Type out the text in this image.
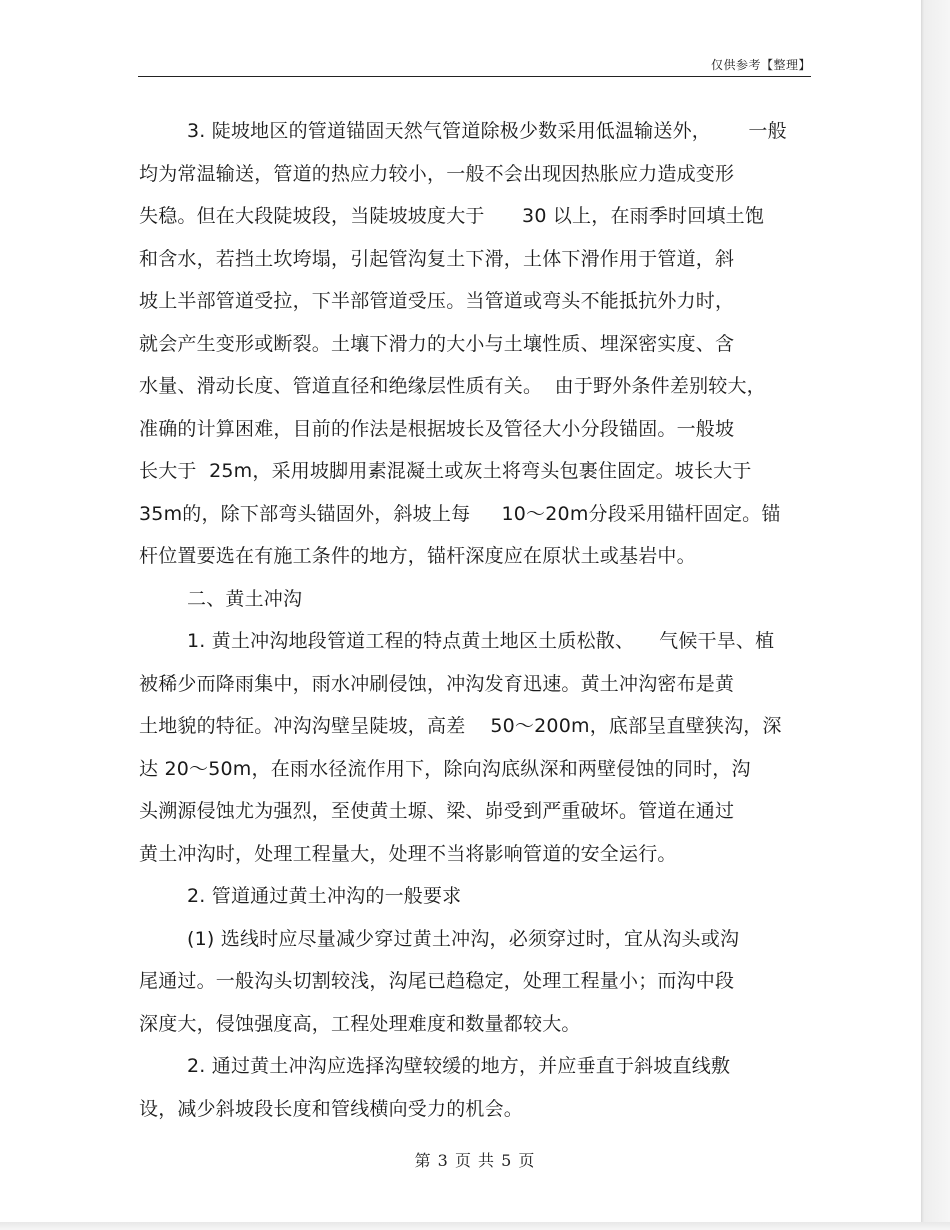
仅供参考【整理】
3. 陡坡地区的管道锚固天然气管道除极少数采用低温输送外，      一般
均为常温输送，管道的热应力较小，一般不会出现因热胀应力造成变形
失稳。但在大段陡坡段，当陡坡坡度大于      30 以上，在雨季时回填土饱
和含水，若挡土坎垮塌，引起管沟复土下滑，土体下滑作用于管道，斜
坡上半部管道受拉，下半部管道受压。当管道或弯头不能抵抗外力时，
就会产生变形或断裂。土壤下滑力的大小与土壤性质、埋深密实度、含
水量、滑动长度、管道直径和绝缘层性质有关。  由于野外条件差别较大，
准确的计算困难，目前的作法是根据坡长及管径大小分段锚固。一般坡
长大于  25m，采用坡脚用素混凝土或灰土将弯头包裹住固定。坡长大于
35m的，除下部弯头锚固外，斜坡上每     10～20m分段采用锚杆固定。锚
杆位置要选在有施工条件的地方，锚杆深度应在原状土或基岩中。
二、黄土冲沟
1. 黄土冲沟地段管道工程的特点黄土地区土质松散、    气候干旱、植
被稀少而降雨集中，雨水冲刷侵蚀，冲沟发育迅速。黄土冲沟密布是黄
土地貌的特征。冲沟沟壁呈陡坡，高差    50～200m，底部呈直壁狭沟，深
达 20～50m，在雨水径流作用下，除向沟底纵深和两壁侵蚀的同时，沟
头溯源侵蚀尤为强烈，至使黄土塬、梁、峁受到严重破坏。管道在通过
黄土冲沟时，处理工程量大，处理不当将影响管道的安全运行。
2. 管道通过黄土冲沟的一般要求
(1) 选线时应尽量减少穿过黄土冲沟，必须穿过时，宜从沟头或沟
尾通过。一般沟头切割较浅，沟尾已趋稳定，处理工程量小；而沟中段
深度大，侵蚀强度高，工程处理难度和数量都较大。
2. 通过黄土冲沟应选择沟壁较缓的地方，并应垂直于斜坡直线敷
设，减少斜坡段长度和管线横向受力的机会。
第 3 页 共 5 页
